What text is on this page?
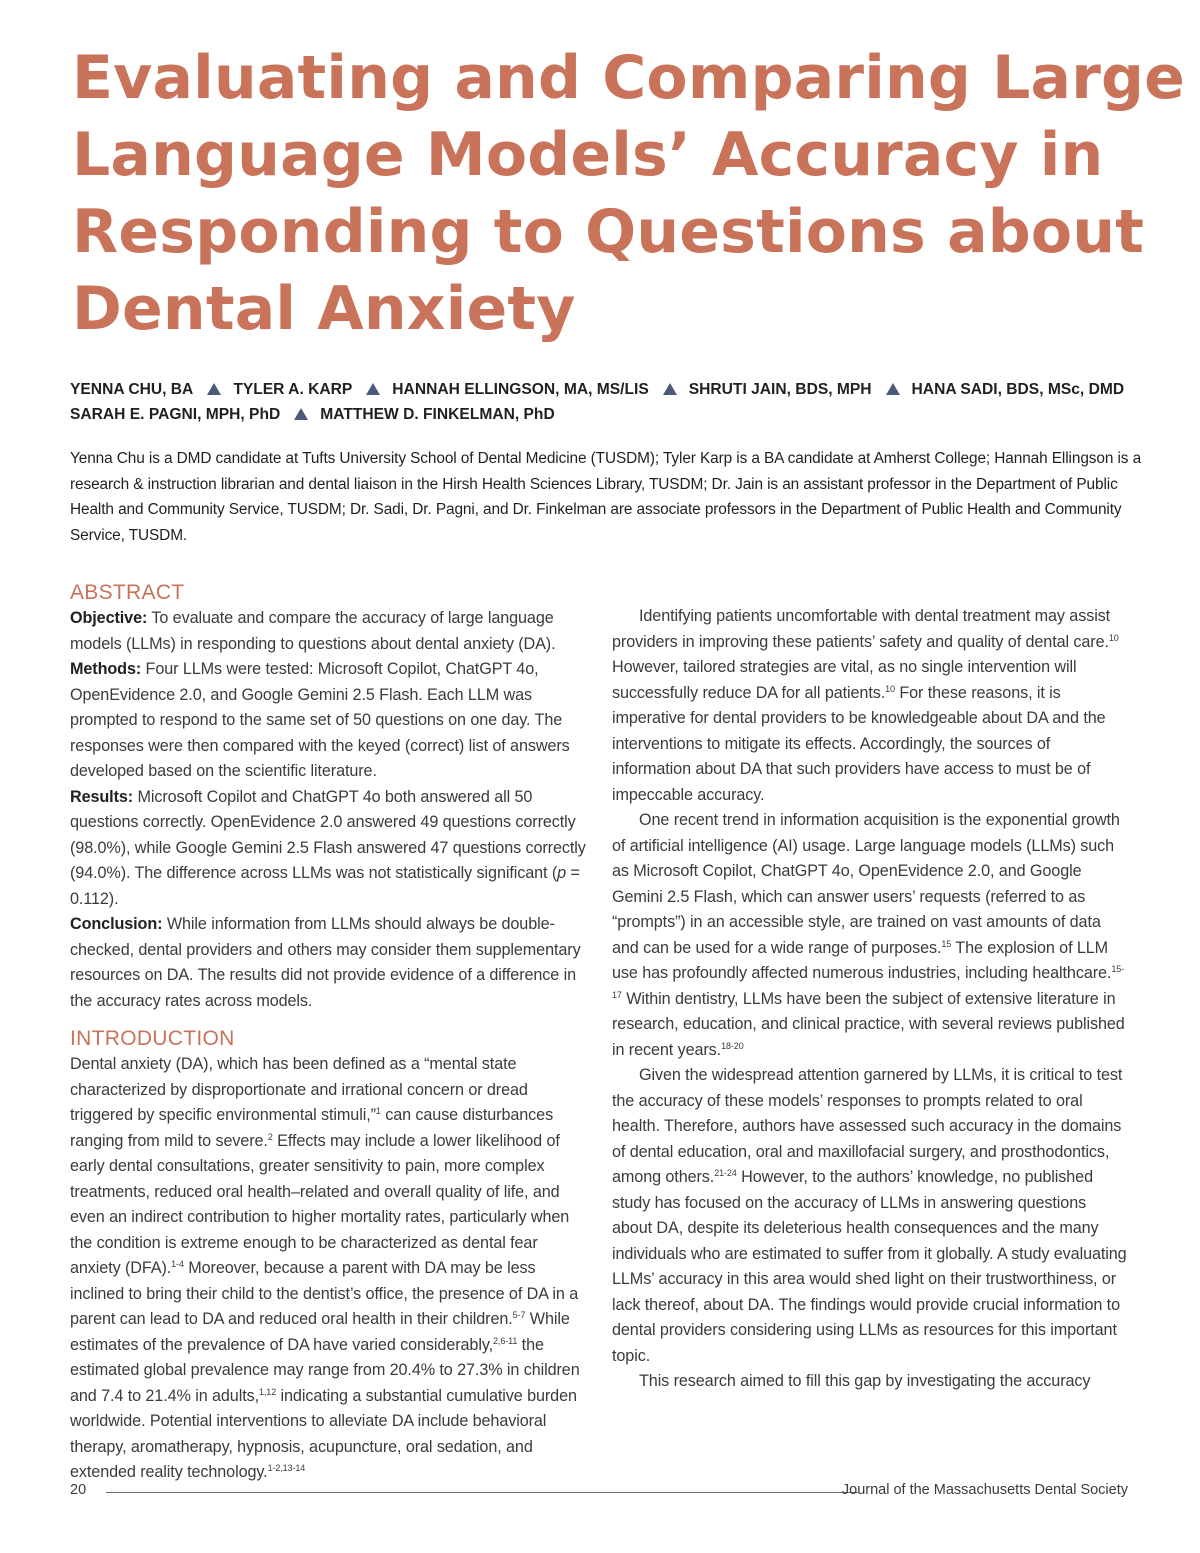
Evaluating and Comparing Large
Language Models’ Accuracy in
Responding to Questions about
Dental Anxiety
YENNA CHU, BA	TYLER A. KARP	HANNAH ELLINGSON, MA, MS/LIS	SHRUTI JAIN, BDS, MPH	HANA SADI, BDS, MSc, DMD
SARAH E. PAGNI, MPH, PhD	MATTHEW D. FINKELMAN, PhD
Yenna Chu is a DMD candidate at Tufts University School of Dental Medicine (TUSDM); Tyler Karp is a BA candidate at Amherst College; Hannah Ellingson is a research & instruction librarian and dental liaison in the Hirsh Health Sciences Library, TUSDM; Dr. Jain is an assistant professor in the Department of Public Health and Community Service, TUSDM; Dr. Sadi, Dr. Pagni, and Dr. Finkelman are associate professors in the Department of Public Health and Community Service, TUSDM.
ABSTRACT

Objective: To evaluate and compare the accuracy of large language models (LLMs) in responding to questions about dental anxiety (DA).

Methods: Four LLMs were tested: Microsoft Copilot, ChatGPT 4o, OpenEvidence 2.0, and Google Gemini 2.5 Flash. Each LLM was prompted to respond to the same set of 50 questions on one day. The responses were then compared with the keyed (correct) list of answers developed based on the scientific literature.

Results: Microsoft Copilot and ChatGPT 4o both answered all 50 questions correctly. OpenEvidence 2.0 answered 49 questions correctly (98.0%), while Google Gemini 2.5 Flash answered 47 questions correctly (94.0%). The difference across LLMs was not statistically significant (p = 0.112).

Conclusion: While information from LLMs should always be double-checked, dental providers and others may consider them supplementary resources on DA. The results did not provide evidence of a difference in the accuracy rates across models.

INTRODUCTION

Dental anxiety (DA), which has been defined as a “mental state characterized by disproportionate and irrational concern or dread triggered by specific environmental stimuli,”$^1$ can cause disturbances ranging from mild to severe.$^2$ Effects may include a lower likelihood of early dental consultations, greater sensitivity to pain, more complex treatments, reduced oral health–related and overall quality of life, and even an indirect contribution to higher mortality rates, particularly when the condition is extreme enough to be characterized as dental fear anxiety (DFA).$^{1-4}$ Moreover, because a parent with DA may be less inclined to bring their child to the dentist’s office, the presence of DA in a parent can lead to DA and reduced oral health in their children.$^{5-7}$ While estimates of the prevalence of DA have varied considerably,$^{2,6-11}$ the estimated global prevalence may range from 20.4% to 27.3% in children and 7.4 to 21.4% in adults,$^{1,12}$ indicating a substantial cumulative burden worldwide. Potential interventions to alleviate DA include behavioral therapy, aromatherapy, hypnosis, acupuncture, oral sedation, and extended reality technology.$^{1-2,13-14}$

Identifying patients uncomfortable with dental treatment may assist providers in improving these patients’ safety and quality of dental care.$^{10}$ However, tailored strategies are vital, as no single intervention will successfully reduce DA for all patients.$^{10}$ For these reasons, it is imperative for dental providers to be knowledgeable about DA and the interventions to mitigate its effects. Accordingly, the sources of information about DA that such providers have access to must be of impeccable accuracy.

One recent trend in information acquisition is the exponential growth of artificial intelligence (AI) usage. Large language models (LLMs) such as Microsoft Copilot, ChatGPT 4o, OpenEvidence 2.0, and Google Gemini 2.5 Flash, which can answer users’ requests (referred to as “prompts”) in an accessible style, are trained on vast amounts of data and can be used for a wide range of purposes.$^{15}$ The explosion of LLM use has profoundly affected numerous industries, including healthcare.$^{15-17}$ Within dentistry, LLMs have been the subject of extensive literature in research, education, and clinical practice, with several reviews published in recent years.$^{18-20}$

Given the widespread attention garnered by LLMs, it is critical to test the accuracy of these models’ responses to prompts related to oral health. Therefore, authors have assessed such accuracy in the domains of dental education, oral and maxillofacial surgery, and prosthodontics, among others.$^{21-24}$ However, to the authors’ knowledge, no published study has focused on the accuracy of LLMs in answering questions about DA, despite its deleterious health consequences and the many individuals who are estimated to suffer from it globally. A study evaluating LLMs’ accuracy in this area would shed light on their trustworthiness, or lack thereof, about DA. The findings would provide crucial information to dental providers considering using LLMs as resources for this important topic.

This research aimed to fill this gap by investigating the accuracy

20	Journal of the Massachusetts Dental Society
